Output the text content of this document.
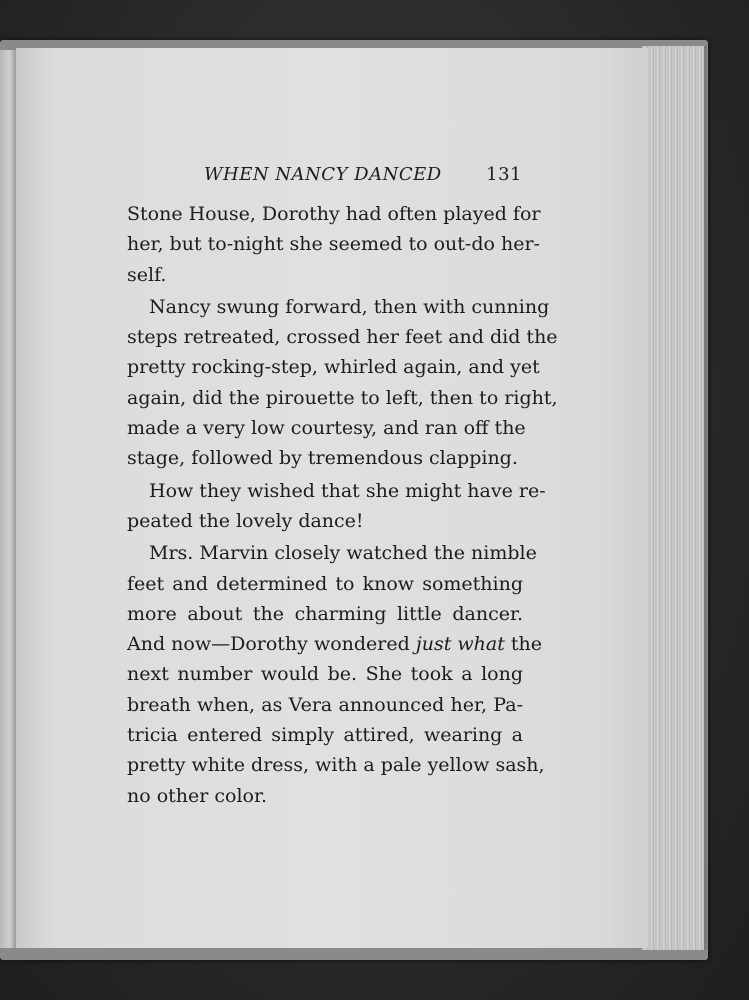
WHEN NANCY DANCED 131
Stone House, Dorothy had often played for
her, but to-night she seemed to out-do her-
self.
Nancy swung forward, then with cunning
steps retreated, crossed her feet and did the
pretty rocking-step, whirled again, and yet
again, did the pirouette to left, then to right,
made a very low courtesy, and ran off the
stage, followed by tremendous clapping.
How they wished that she might have re-
peated the lovely dance!
Mrs. Marvin closely watched the nimble
feet and determined to know something
more about the charming little dancer.
And now—Dorothy wondered just what the
next number would be. She took a long
breath when, as Vera announced her, Pa-
tricia entered simply attired, wearing a
pretty white dress, with a pale yellow sash,
no other color.
